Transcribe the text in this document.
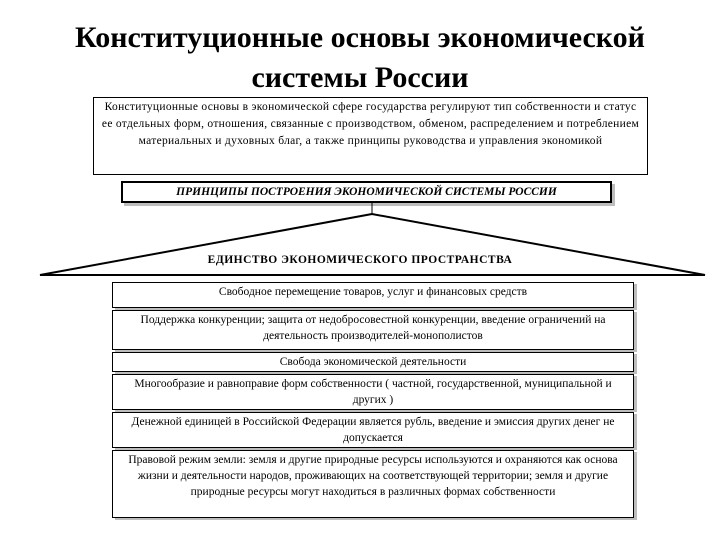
Конституционные основы экономической системы России
Конституционные основы в экономической сфере государства регулируют тип собственности и статус ее отдельных форм, отношения, связанные с производством, обменом, распределением и потреблением материальных и духовных благ, а также принципы руководства и управления экономикой
ПРИНЦИПЫ ПОСТРОЕНИЯ ЭКОНОМИЧЕСКОЙ СИСТЕМЫ РОССИИ
ЕДИНСТВО ЭКОНОМИЧЕСКОГО ПРОСТРАНСТВА
Свободное перемещение товаров, услуг и финансовых средств
Поддержка конкуренции; защита от недобросовестной конкуренции, введение ограничений на деятельность производителей-монополистов
Свобода экономической деятельности
Многообразие и равноправие форм собственности ( частной, государственной, муниципальной и других )
Денежной единицей в Российской Федерации является рубль, введение и эмиссия других денег не допускается
Правовой режим земли: земля и другие природные ресурсы используются и охраняются как основа жизни и деятельности народов, проживающих на соответствующей территории; земля и другие природные ресурсы могут находиться в различных формах собственности
